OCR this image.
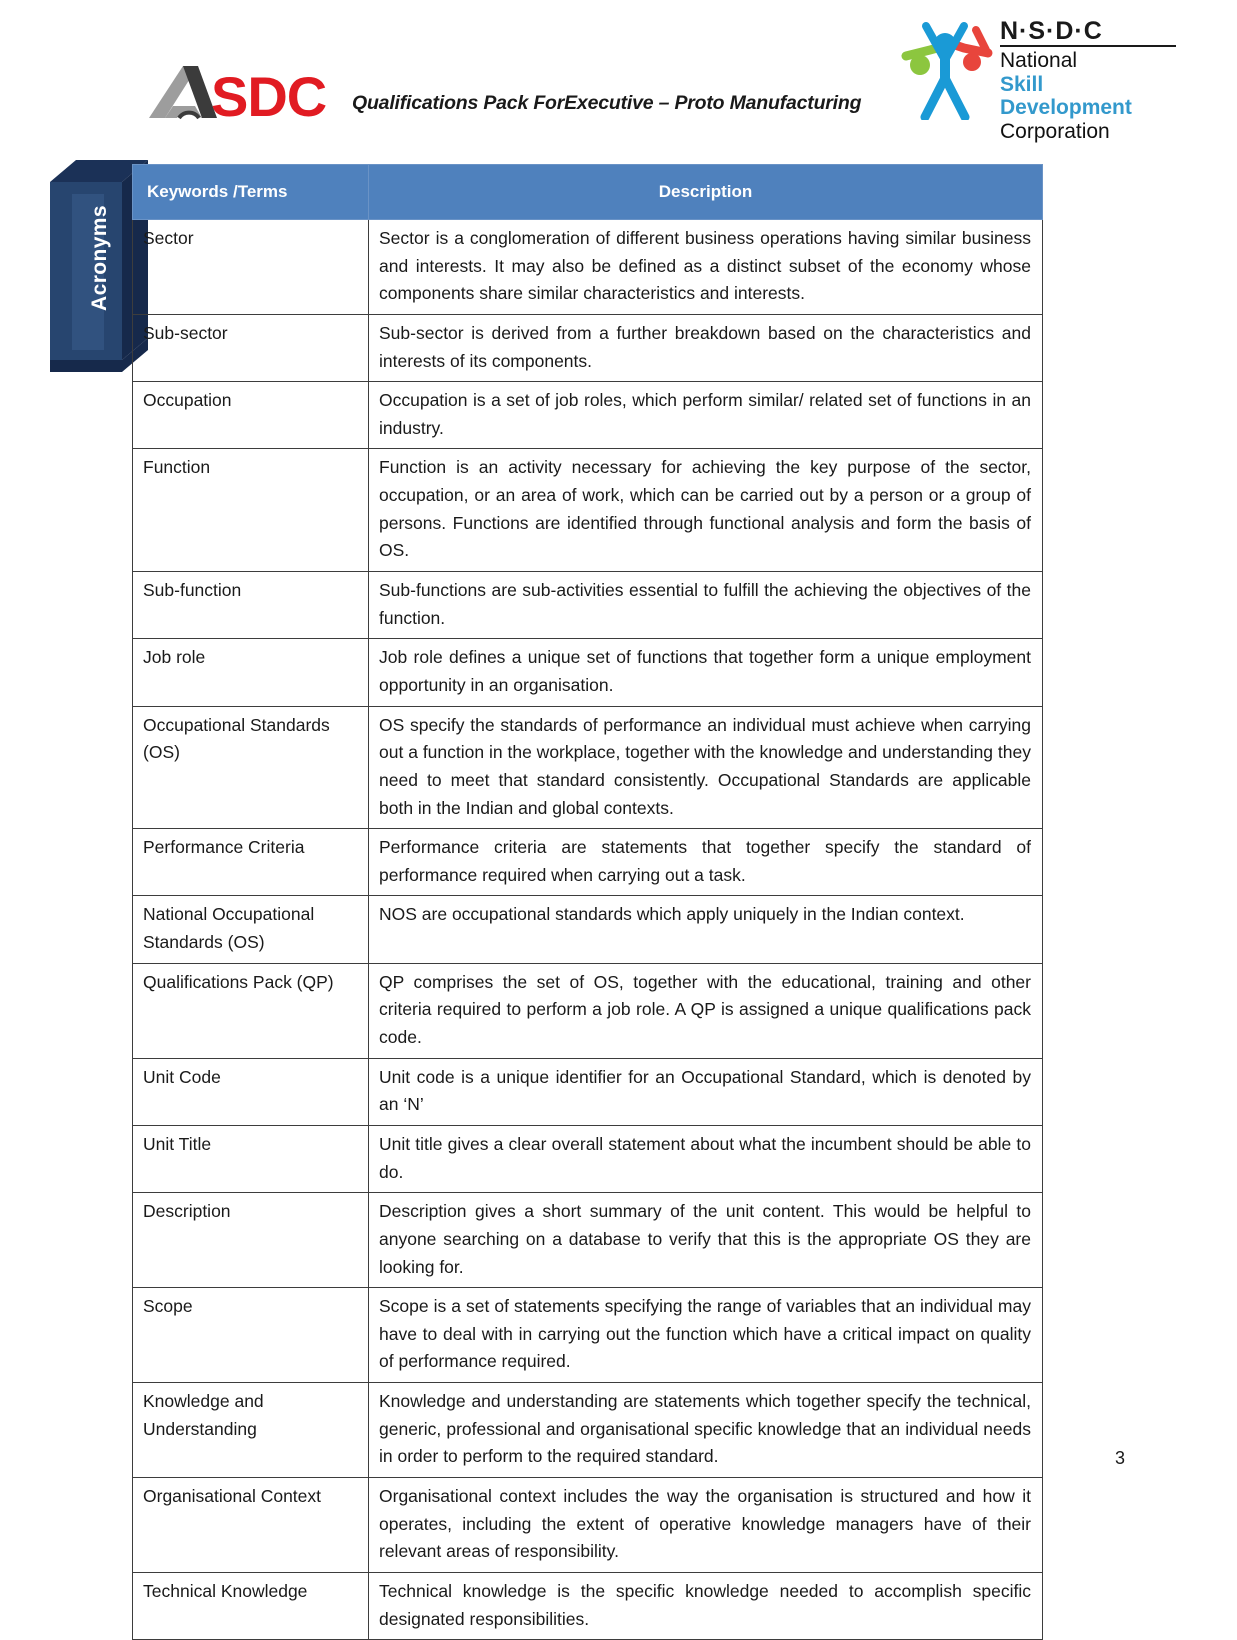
SDC Qualifications Pack ForExecutive – Proto Manufacturing
N·S·D·C
National
Skill Development
Corporation
Acronyms
Keywords /Terms	Description
Sector	Sector is a conglomeration of different business operations having similar business and interests. It may also be defined as a distinct subset of the economy whose components share similar characteristics and interests.
Sub-sector	Sub-sector is derived from a further breakdown based on the characteristics and interests of its components.
Occupation	Occupation is a set of job roles, which perform similar/ related set of functions in an industry.
Function	Function is an activity necessary for achieving the key purpose of the sector, occupation, or an area of work, which can be carried out by a person or a group of persons. Functions are identified through functional analysis and form the basis of OS.
Sub-function	Sub-functions are sub-activities essential to fulfill the achieving the objectives of the function.
Job role	Job role defines a unique set of functions that together form a unique employment opportunity in an organisation.
Occupational Standards (OS)	OS specify the standards of performance an individual must achieve when carrying out a function in the workplace, together with the knowledge and understanding they need to meet that standard consistently. Occupational Standards are applicable both in the Indian and global contexts.
Performance Criteria	Performance criteria are statements that together specify the standard of performance required when carrying out a task.
National Occupational Standards (OS)	NOS are occupational standards which apply uniquely in the Indian context.
Qualifications Pack (QP)	QP comprises the set of OS, together with the educational, training and other criteria required to perform a job role. A QP is assigned a unique qualifications pack code.
Unit Code	Unit code is a unique identifier for an Occupational Standard, which is denoted by an ‘N’
Unit Title	Unit title gives a clear overall statement about what the incumbent should be able to do.
Description	Description gives a short summary of the unit content. This would be helpful to anyone searching on a database to verify that this is the appropriate OS they are looking for.
Scope	Scope is a set of statements specifying the range of variables that an individual may have to deal with in carrying out the function which have a critical impact on quality of performance required.
Knowledge and Understanding	Knowledge and understanding are statements which together specify the technical, generic, professional and organisational specific knowledge that an individual needs in order to perform to the required standard.
Organisational Context	Organisational context includes the way the organisation is structured and how it operates, including the extent of operative knowledge managers have of their relevant areas of responsibility.
Technical Knowledge	Technical knowledge is the specific knowledge needed to accomplish specific designated responsibilities.
3
